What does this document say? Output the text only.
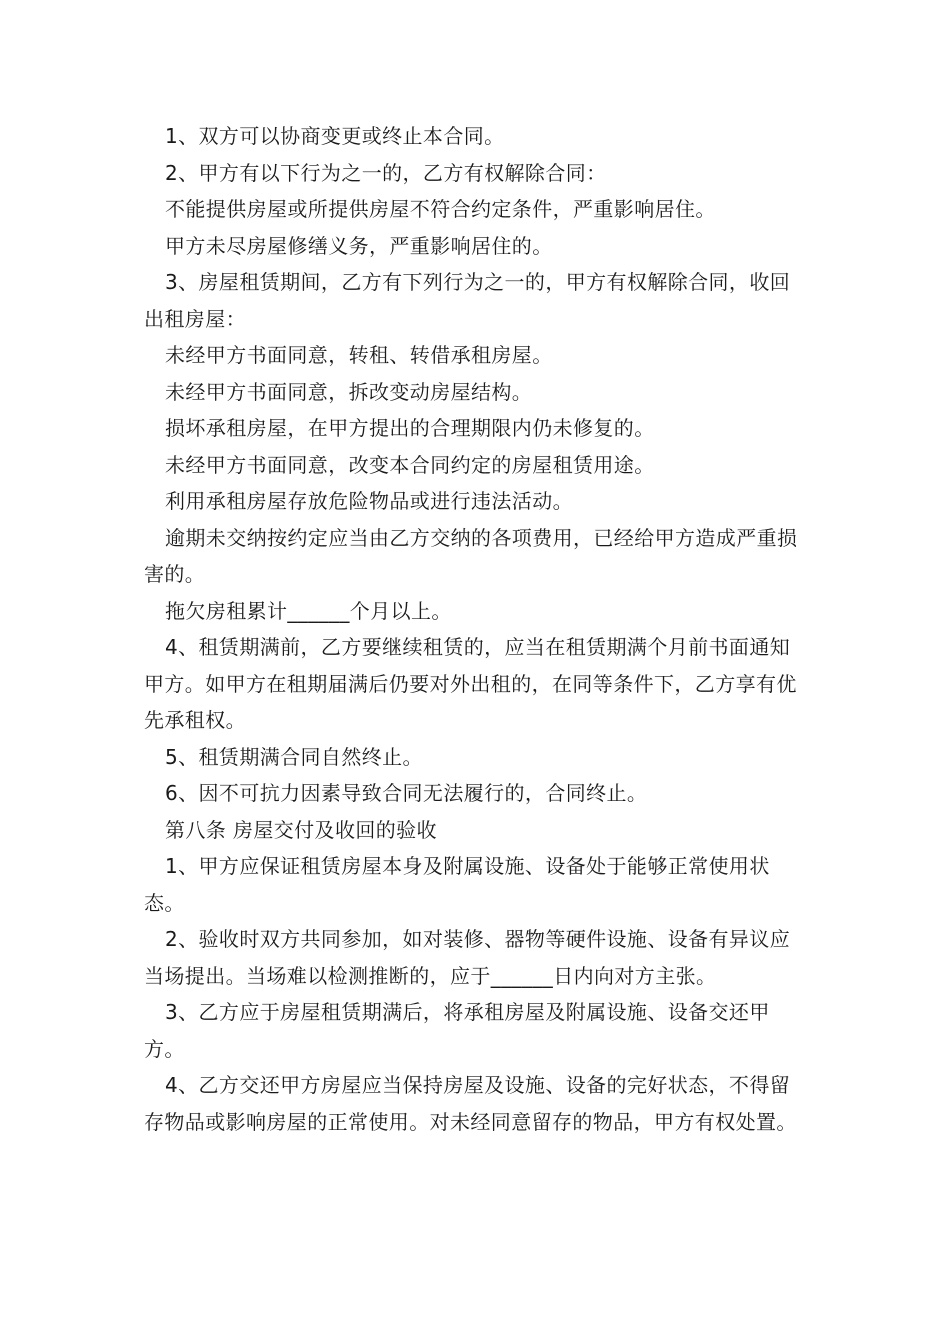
1、双方可以协商变更或终止本合同。

2、甲方有以下行为之一的，乙方有权解除合同：

不能提供房屋或所提供房屋不符合约定条件，严重影响居住。

甲方未尽房屋修缮义务，严重影响居住的。

3、房屋租赁期间，乙方有下列行为之一的，甲方有权解除合同，收回出租房屋：

未经甲方书面同意，转租、转借承租房屋。

未经甲方书面同意，拆改变动房屋结构。

损坏承租房屋，在甲方提出的合理期限内仍未修复的。

未经甲方书面同意，改变本合同约定的房屋租赁用途。

利用承租房屋存放危险物品或进行违法活动。

逾期未交纳按约定应当由乙方交纳的各项费用，已经给甲方造成严重损害的。

拖欠房租累计______个月以上。

4、租赁期满前，乙方要继续租赁的，应当在租赁期满个月前书面通知甲方。如甲方在租期届满后仍要对外出租的，在同等条件下，乙方享有优先承租权。

5、租赁期满合同自然终止。

6、因不可抗力因素导致合同无法履行的，合同终止。

第八条 房屋交付及收回的验收

1、甲方应保证租赁房屋本身及附属设施、设备处于能够正常使用状态。

2、验收时双方共同参加，如对装修、器物等硬件设施、设备有异议应当场提出。当场难以检测推断的，应于______日内向对方主张。

3、乙方应于房屋租赁期满后，将承租房屋及附属设施、设备交还甲方。

4、乙方交还甲方房屋应当保持房屋及设施、设备的完好状态，不得留存物品或影响房屋的正常使用。对未经同意留存的物品，甲方有权处置。
